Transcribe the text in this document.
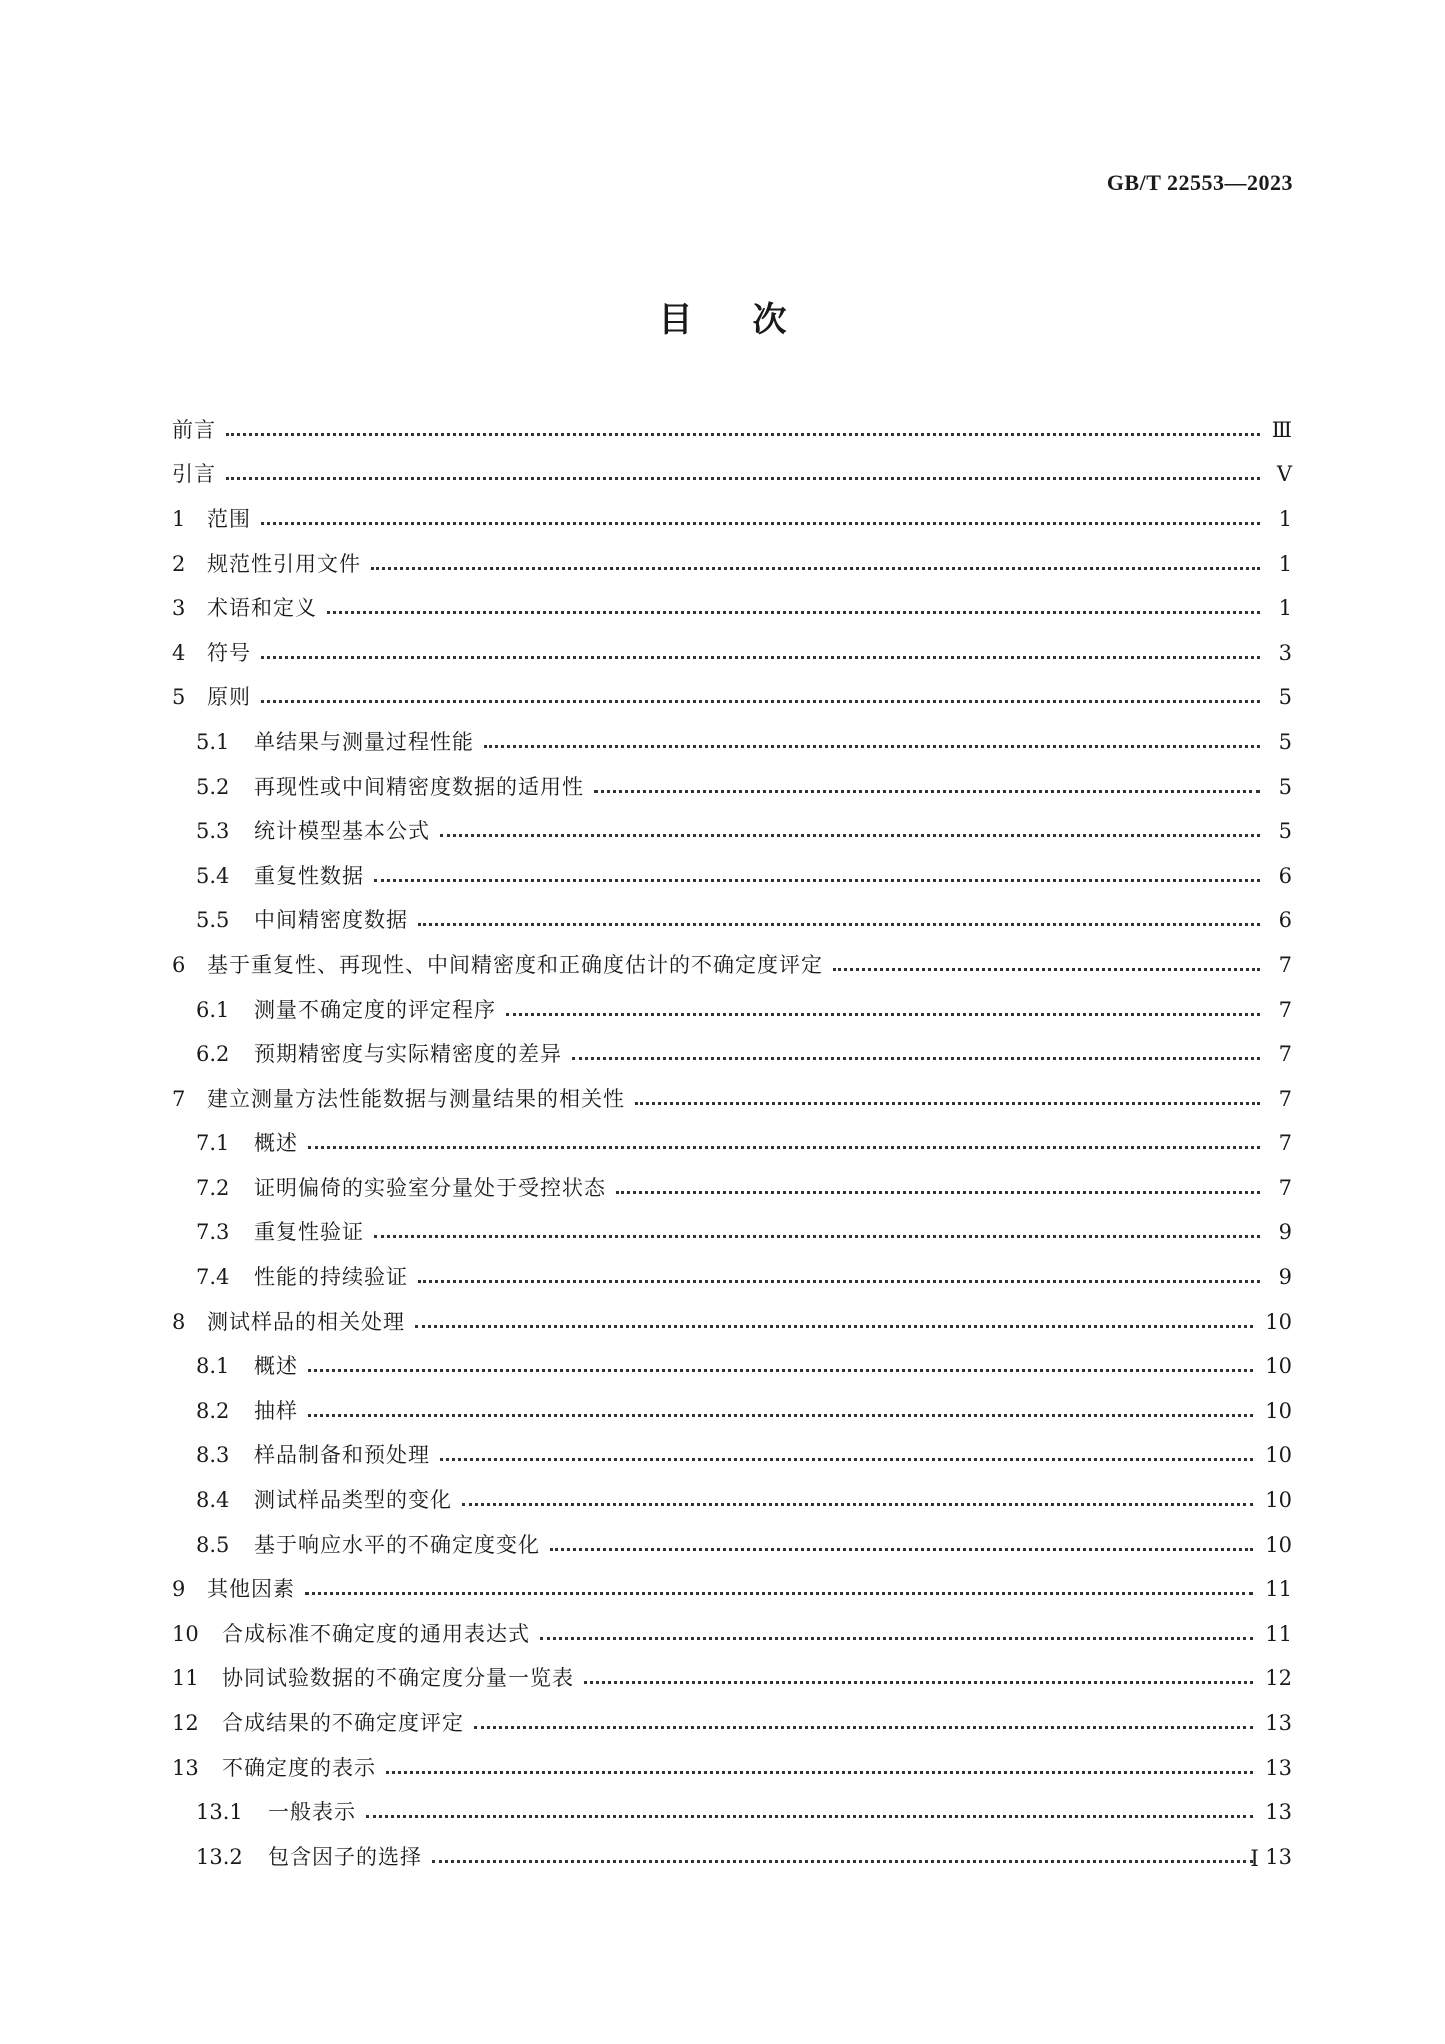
GB/T 22553—2023
目次
前言	Ⅲ
引言	Ⅴ
1	范围	1
2	规范性引用文件	1
3	术语和定义	1
4	符号	3
5	原则	5
5.1	单结果与测量过程性能	5
5.2	再现性或中间精密度数据的适用性	5
5.3	统计模型基本公式	5
5.4	重复性数据	6
5.5	中间精密度数据	6
6	基于重复性、再现性、中间精密度和正确度估计的不确定度评定	7
6.1	测量不确定度的评定程序	7
6.2	预期精密度与实际精密度的差异	7
7	建立测量方法性能数据与测量结果的相关性	7
7.1	概述	7
7.2	证明偏倚的实验室分量处于受控状态	7
7.3	重复性验证	9
7.4	性能的持续验证	9
8	测试样品的相关处理	10
8.1	概述	10
8.2	抽样	10
8.3	样品制备和预处理	10
8.4	测试样品类型的变化	10
8.5	基于响应水平的不确定度变化	10
9	其他因素	11
10	合成标准不确定度的通用表达式	11
11	协同试验数据的不确定度分量一览表	12
12	合成结果的不确定度评定	13
13	不确定度的表示	13
13.1	一般表示	13
13.2	包含因子的选择	13
Ⅰ
